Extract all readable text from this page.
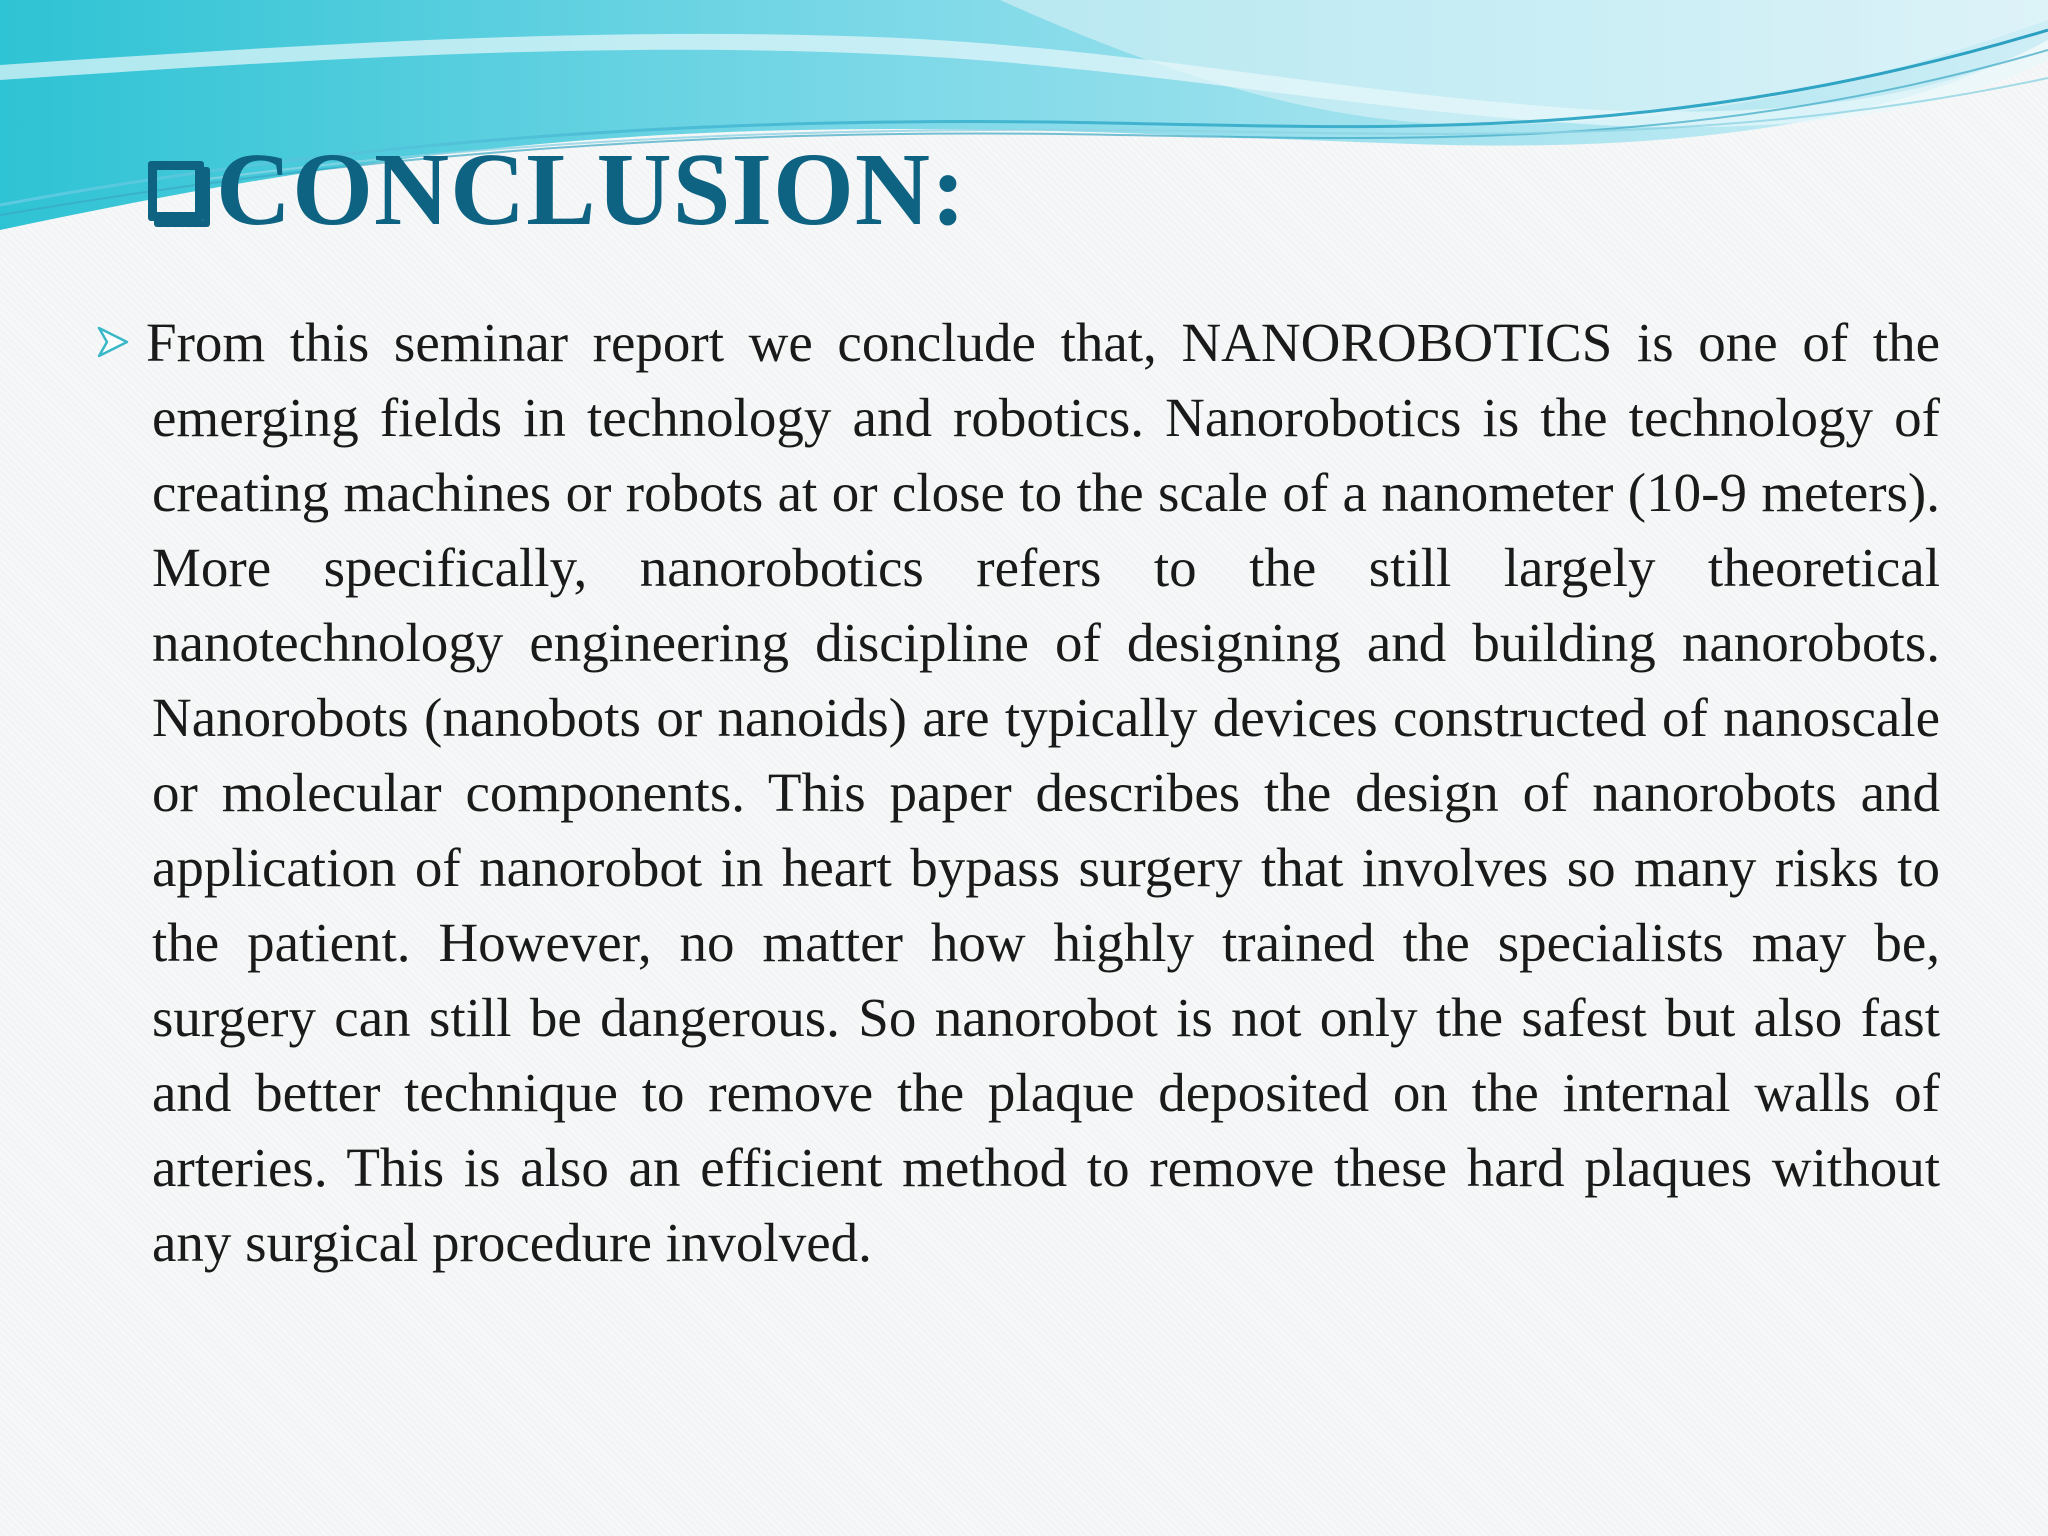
CONCLUSION:

From this seminar report we conclude that, NANOROBOTICS is one of the emerging fields in technology and robotics. Nanorobotics is the technology of creating machines or robots at or close to the scale of a nanometer (10-9 meters). More specifically, nanorobotics refers to the still largely theoretical nanotechnology engineering discipline of designing and building nanorobots. Nanorobots (nanobots or nanoids) are typically devices constructed of nanoscale or molecular components. This paper describes the design of nanorobots and application of nanorobot in heart bypass surgery that involves so many risks to the patient. However, no matter how highly trained the specialists may be, surgery can still be dangerous. So nanorobot is not only the safest but also fast and better technique to remove the plaque deposited on the internal walls of arteries. This is also an efficient method to remove these hard plaques without any surgical procedure involved.
